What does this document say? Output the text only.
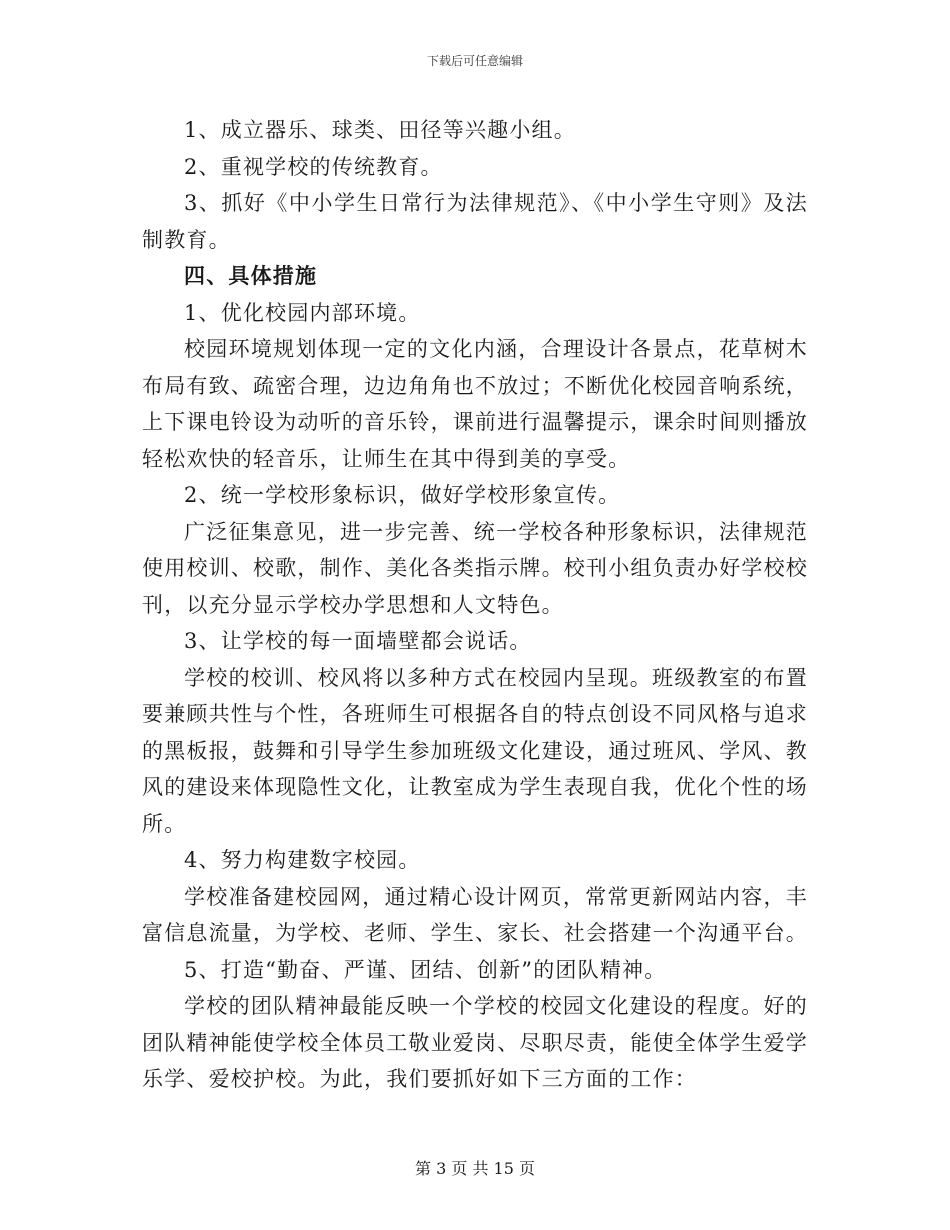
下载后可任意编辑

1、成立器乐、球类、田径等兴趣小组。

2、重视学校的传统教育。

3、抓好《中小学生日常行为法律规范》、《中小学生守则》及法制教育。

四、具体措施

1、优化校园内部环境。

校园环境规划体现一定的文化内涵，合理设计各景点，花草树木布局有致、疏密合理，边边角角也不放过；不断优化校园音响系统，上下课电铃设为动听的音乐铃，课前进行温馨提示，课余时间则播放轻松欢快的轻音乐，让师生在其中得到美的享受。

2、统一学校形象标识，做好学校形象宣传。

广泛征集意见，进一步完善、统一学校各种形象标识，法律规范使用校训、校歌，制作、美化各类指示牌。校刊小组负责办好学校校刊，以充分显示学校办学思想和人文特色。

3、让学校的每一面墙壁都会说话。

学校的校训、校风将以多种方式在校园内呈现。班级教室的布置要兼顾共性与个性，各班师生可根据各自的特点创设不同风格与追求的黑板报，鼓舞和引导学生参加班级文化建设，通过班风、学风、教风的建设来体现隐性文化，让教室成为学生表现自我，优化个性的场所。

4、努力构建数字校园。

学校准备建校园网，通过精心设计网页，常常更新网站内容，丰富信息流量，为学校、老师、学生、家长、社会搭建一个沟通平台。

5、打造“勤奋、严谨、团结、创新”的团队精神。

学校的团队精神最能反映一个学校的校园文化建设的程度。好的团队精神能使学校全体员工敬业爱岗、尽职尽责，能使全体学生爱学乐学、爱校护校。为此，我们要抓好如下三方面的工作：

第 3 页 共 15 页
